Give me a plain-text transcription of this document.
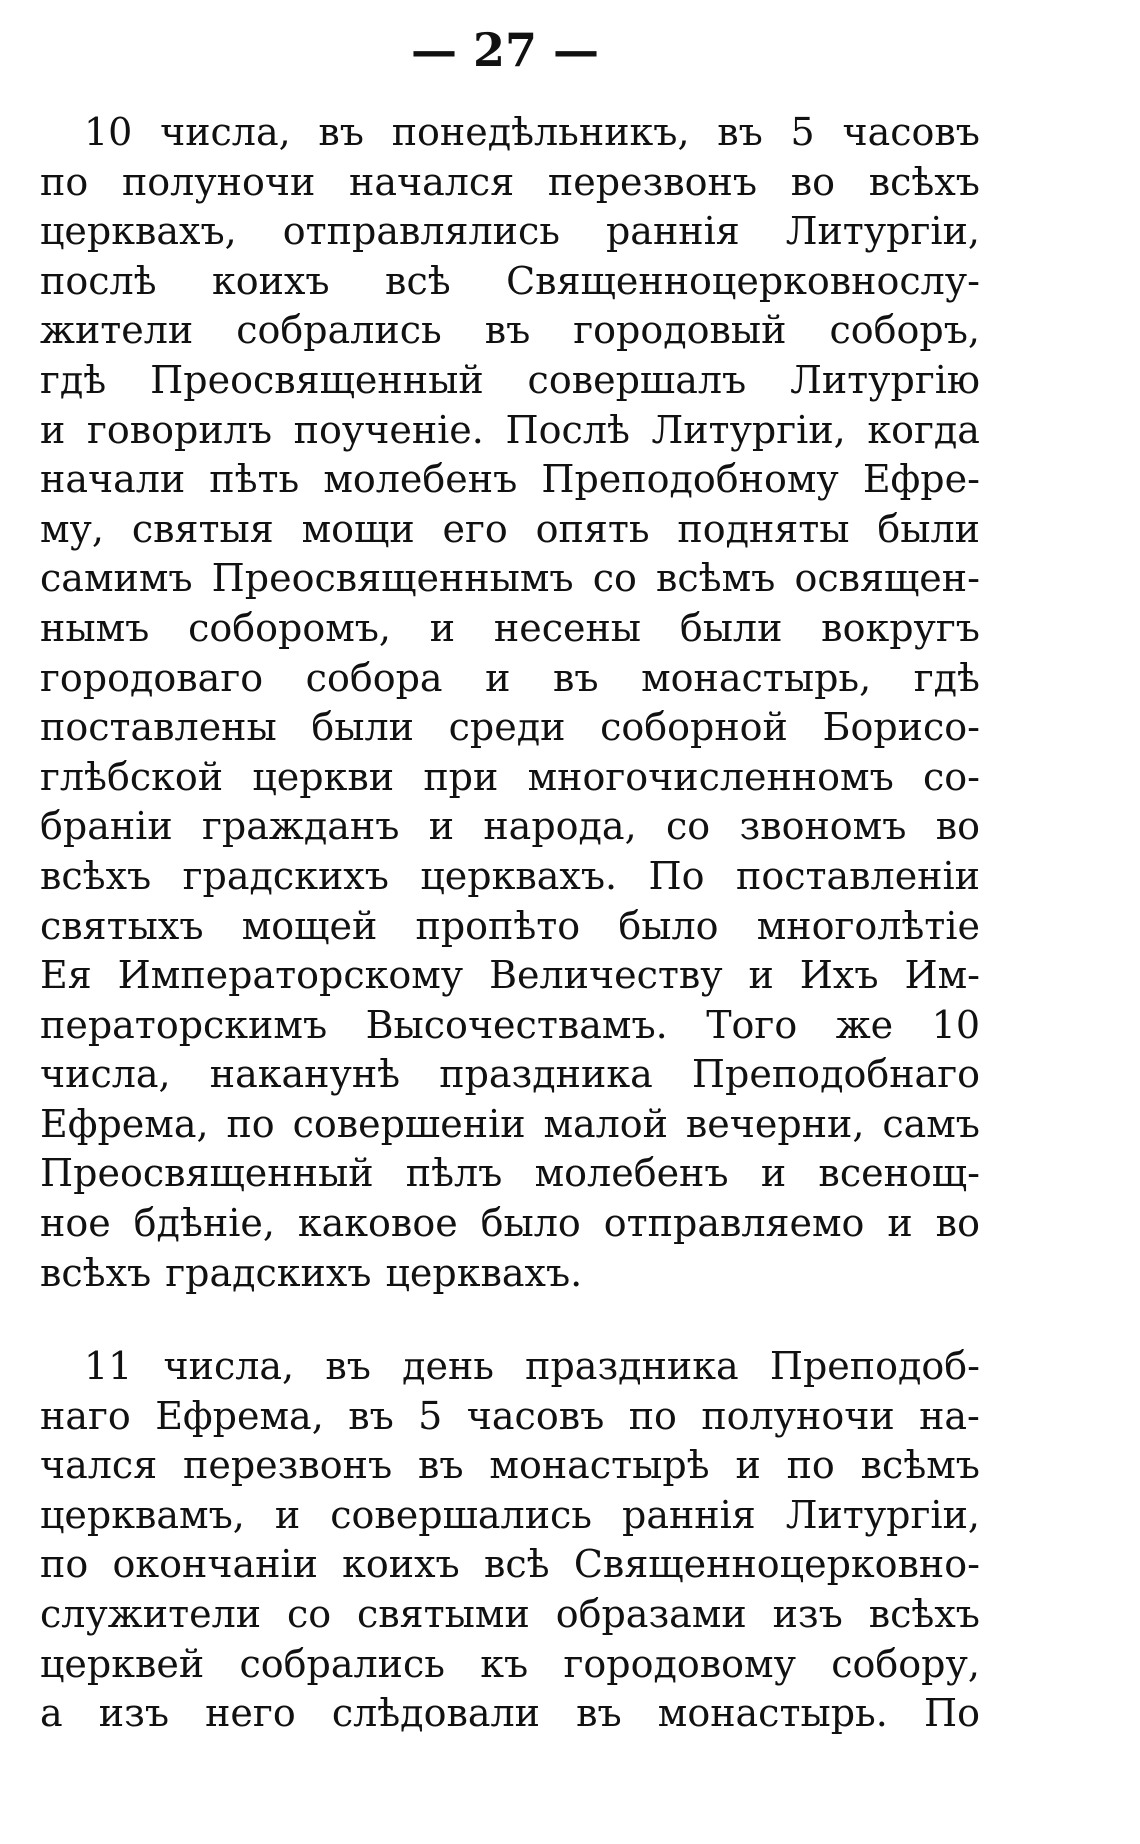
— 27 —
10 числа, въ понедѣльникъ, въ 5 часовъ
по полуночи начался перезвонъ во всѣхъ
церквахъ, отправлялись раннія Литургіи,
послѣ коихъ всѣ Священноцерковнослу-
жители собрались въ городовый соборъ,
гдѣ Преосвященный совершалъ Литургію
и говорилъ поученіе. Послѣ Литургіи, когда
начали пѣть молебенъ Преподобному Ефре-
му, святыя мощи его опять подняты были
самимъ Преосвященнымъ со всѣмъ освящен-
нымъ соборомъ, и несены были вокругъ
городоваго собора и въ монастырь, гдѣ
поставлены были среди соборной Борисо-
глѣбской церкви при многочисленномъ со-
браніи гражданъ и народа, со звономъ во
всѣхъ градскихъ церквахъ. По поставленіи
святыхъ мощей пропѣто было многолѣтіе
Ея Императорскому Величеству и Ихъ Им-
ператорскимъ Высочествамъ. Того же 10
числа, наканунѣ праздника Преподобнаго
Ефрема, по совершеніи малой вечерни, самъ
Преосвященный пѣлъ молебенъ и всенощ-
ное бдѣніе, каковое было отправляемо и во
всѣхъ градскихъ церквахъ.
11 числа, въ день праздника Преподоб-
наго Ефрема, въ 5 часовъ по полуночи на-
чался перезвонъ въ монастырѣ и по всѣмъ
церквамъ, и совершались раннія Литургіи,
по окончаніи коихъ всѣ Священноцерковно-
служители со святыми образами изъ всѣхъ
церквей собрались къ городовому собору,
а изъ него слѣдовали въ монастырь. По
